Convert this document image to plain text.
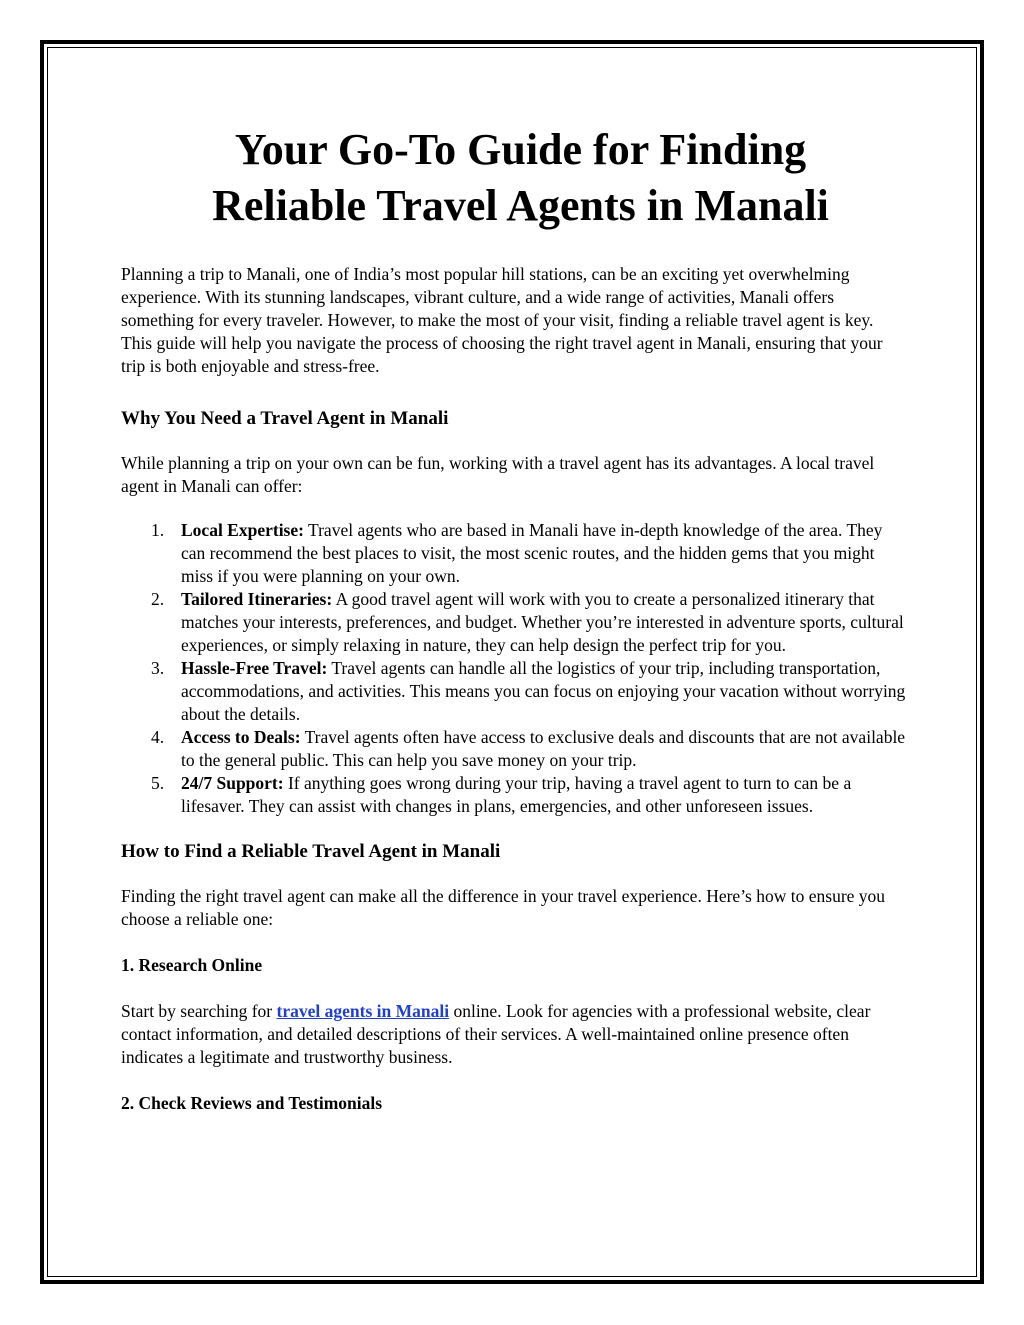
Your Go-To Guide for Finding
Reliable Travel Agents in Manali

Planning a trip to Manali, one of India’s most popular hill stations, can be an exciting yet overwhelming experience. With its stunning landscapes, vibrant culture, and a wide range of activities, Manali offers something for every traveler. However, to make the most of your visit, finding a reliable travel agent is key. This guide will help you navigate the process of choosing the right travel agent in Manali, ensuring that your trip is both enjoyable and stress-free.

Why You Need a Travel Agent in Manali

While planning a trip on your own can be fun, working with a travel agent has its advantages. A local travel agent in Manali can offer:

1. Local Expertise: Travel agents who are based in Manali have in-depth knowledge of the area. They can recommend the best places to visit, the most scenic routes, and the hidden gems that you might miss if you were planning on your own.
2. Tailored Itineraries: A good travel agent will work with you to create a personalized itinerary that matches your interests, preferences, and budget. Whether you’re interested in adventure sports, cultural experiences, or simply relaxing in nature, they can help design the perfect trip for you.
3. Hassle-Free Travel: Travel agents can handle all the logistics of your trip, including transportation, accommodations, and activities. This means you can focus on enjoying your vacation without worrying about the details.
4. Access to Deals: Travel agents often have access to exclusive deals and discounts that are not available to the general public. This can help you save money on your trip.
5. 24/7 Support: If anything goes wrong during your trip, having a travel agent to turn to can be a lifesaver. They can assist with changes in plans, emergencies, and other unforeseen issues.
How to Find a Reliable Travel Agent in Manali

Finding the right travel agent can make all the difference in your travel experience. Here’s how to ensure you choose a reliable one:

1. Research Online

Start by searching for travel agents in Manali online. Look for agencies with a professional website, clear contact information, and detailed descriptions of their services. A well-maintained online presence often indicates a legitimate and trustworthy business.

2. Check Reviews and Testimonials
